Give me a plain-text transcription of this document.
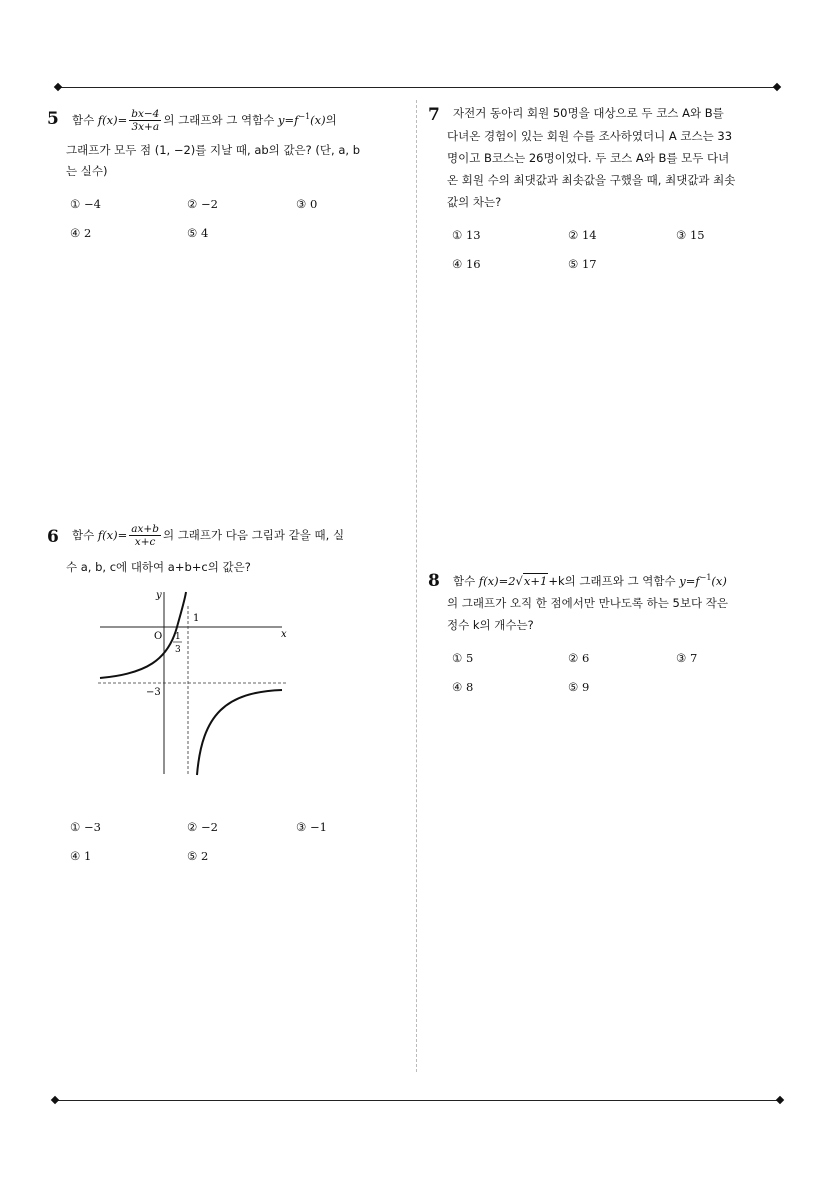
5 함수 $f(x)= \frac{bx-4}{3x+a}$ 의 그래프와 그 역함수 $y=f^{-1}(x)$의
그래프가 모두 점 (1, −2)를 지날 때, ab의 값은? (단, a, b
는 실수)
① −4	② −2	③ 0
④ 2	⑤ 4
6 함수 $f(x)= \frac{ax+b}{x+c}$ 의 그래프가 다음 그림과 같을 때, 실
수 a, b, c에 대하여 a+b+c의 값은?
y
x
O 1
3
1
−3
① −3	② −2	③ −1
④ 1	⑤ 2
7 자전거 동아리 회원 50명을 대상으로 두 코스 A와 B를
다녀온 경험이 있는 회원 수를 조사하였더니 A 코스는 33
명이고 B코스는 26명이었다. 두 코스 A와 B를 모두 다녀
온 회원 수의 최댓값과 최솟값을 구했을 때, 최댓값과 최솟
값의 차는?
① 13	② 14	③ 15
④ 16	⑤ 17
8 함수 f(x)=2√x+1+k의 그래프와 그 역함수 $y=f^{-1}(x)$
의 그래프가 오직 한 점에서만 만나도록 하는 5보다 작은
정수 k의 개수는?
① 5	② 6	③ 7
④ 8	⑤ 9
